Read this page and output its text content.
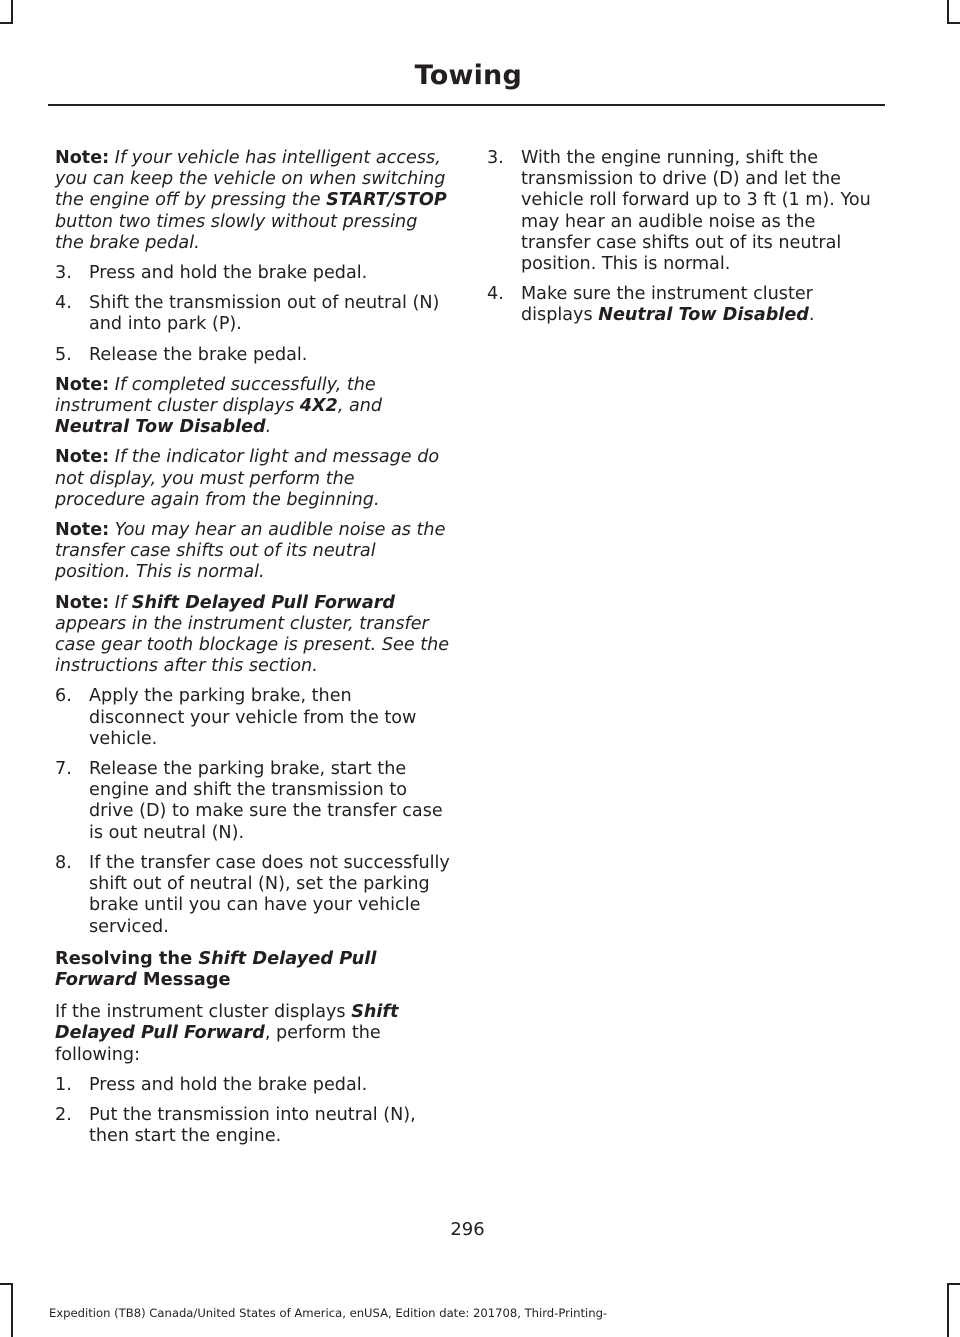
Towing

Note: If your vehicle has intelligent access, you can keep the vehicle on when switching the engine off by pressing the START/STOP button two times slowly without pressing the brake pedal.

3. Press and hold the brake pedal.
4. Shift the transmission out of neutral (N) and into park (P).
5. Release the brake pedal.

Note: If completed successfully, the instrument cluster displays 4X2, and Neutral Tow Disabled.

Note: If the indicator light and message do not display, you must perform the procedure again from the beginning.

Note: You may hear an audible noise as the transfer case shifts out of its neutral position. This is normal.

Note: If Shift Delayed Pull Forward appears in the instrument cluster, transfer case gear tooth blockage is present. See the instructions after this section.

6. Apply the parking brake, then disconnect your vehicle from the tow vehicle.
7. Release the parking brake, start the engine and shift the transmission to drive (D) to make sure the transfer case is out neutral (N).
8. If the transfer case does not successfully shift out of neutral (N), set the parking brake until you can have your vehicle serviced.
Resolving the Shift Delayed Pull Forward Message

If the instrument cluster displays Shift Delayed Pull Forward, perform the following:

1. Press and hold the brake pedal.
2. Put the transmission into neutral (N), then start the engine.
3. With the engine running, shift the transmission to drive (D) and let the vehicle roll forward up to 3 ft (1 m). You may hear an audible noise as the transfer case shifts out of its neutral position. This is normal.
4. Make sure the instrument cluster displays Neutral Tow Disabled.
296
Expedition (TB8) Canada/United States of America, enUSA, Edition date: 201708, Third-Printing-
